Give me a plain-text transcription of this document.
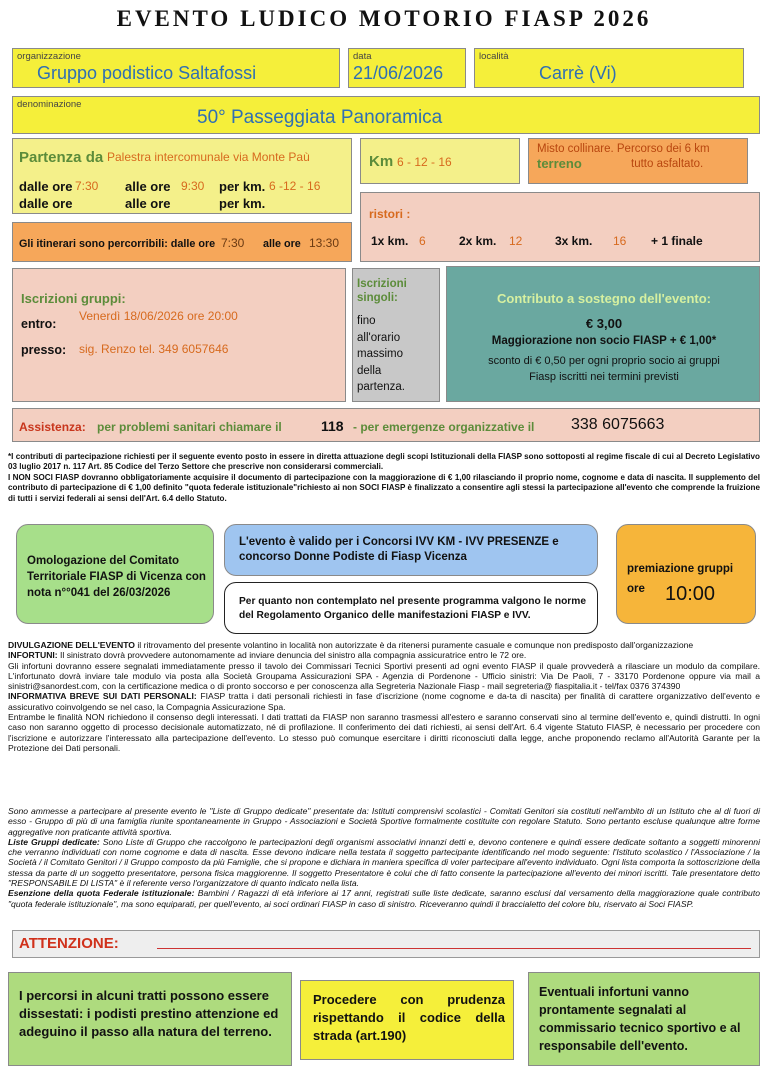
EVENTO LUDICO MOTORIO FIASP 2026
organizzazione
Gruppo podistico Saltafossi
data
21/06/2026
località
Carrè (Vi)
denominazione
50° Passeggiata Panoramica
Partenza da Palestra intercomunale via Monte Paù
dalle ore 7:30 alle ore 9:30 per km. 6 -12 - 16
dalle ore	alle ore	per km.
Km 6 - 12 - 16
Misto collinare. Percorso dei 6 km
terreno	tutto asfaltato.
Gli itinerari sono percorribili: dalle ore 7:30 alle ore 13:30
ristori :
1x km. 6	2x km. 12	3x km. 16 + 1 finale
Iscrizioni gruppi:
entro:
Venerdì 18/06/2026 ore 20:00
presso: sig. Renzo tel. 349 6057646
Iscrizioni singoli:
fino
all'orario
massimo
della
partenza.
Contributo a sostegno dell'evento:
€ 3,00
Maggiorazione non socio FIASP + € 1,00*
sconto di € 0,50 per ogni proprio socio ai gruppi
Fiasp iscritti nei termini previsti
Assistenza: per problemi sanitari chiamare il	118 - per emergenze organizzative il 338 6075663
*I contributi di partecipazione richiesti per il seguente evento posto in essere in diretta attuazione degli scopi Istituzionali della FIASP sono sottoposti al regime fiscale di cui al Decreto Legislativo 03 luglio 2017 n. 117 Art. 85 Codice del Terzo Settore che prescrive non considerarsi commerciali.
I NON SOCI FIASP dovranno obbligatoriamente acquisire il documento di partecipazione con la maggiorazione di € 1,00 rilasciando il proprio nome, cognome e data di nascita. Il supplemento del contributo di partecipazione di € 1,00 definito "quota federale istituzionale"richiesto ai non SOCI FIASP è finalizzato a consentire agli stessi la partecipazione all'evento che comprende la fruizione di tutti i servizi federali ai sensi dell'Art. 6.4 dello Statuto.
Omologazione del Comitato Territoriale FIASP di Vicenza con nota n°°041 del 26/03/2026
L'evento è valido per i Concorsi IVV KM - IVV PRESENZE e concorso Donne Podiste di Fiasp Vicenza
Per quanto non contemplato nel presente programma valgono le norme del Regolamento Organico delle manifestazioni FIASP e IVV.
premiazione gruppi
ore 10:00
DIVULGAZIONE DELL'EVENTO il ritrovamento del presente volantino in località non autorizzate è da ritenersi puramente casuale e comunque non predisposto dall'organizzazione
INFORTUNI: Il sinistrato dovrà provvedere autonomamente ad inviare denuncia del sinistro alla compagnia assicuratrice entro le 72 ore.
Gli infortuni dovranno essere segnalati immediatamente presso il tavolo dei Commissari Tecnici Sportivi presenti ad ogni evento FIASP il quale provvederà a rilasciare un modulo da compilare. L'infortunato dovrà inviare tale modulo via posta alla Società Groupama Assicurazioni SPA - Agenzia di Pordenone - Ufficio sinistri: Via De Paoli, 7 - 33170 Pordenone oppure via mail a sinistri@sanordest.com, con la certificazione medica o di pronto soccorso e per conoscenza alla Segreteria Nazionale Fiasp - mail segreteria@ fiaspitalia.it - tel/fax 0376 374390
INFORMATIVA BREVE SUI DATI PERSONALI: FIASP tratta i dati personali richiesti in fase d'iscrizione (nome cognome e da-ta di nascita) per finalità di carattere organizzativo dell'evento e assicurativo coinvolgendo se nel caso, la Compagnia Assicurazione Spa.
Entrambe le finalità NON richiedono il consenso degli interessati. I dati trattati da FIASP non saranno trasmessi all'estero e saranno conservati sino al termine dell'evento e, quindi distrutti. In ogni caso non saranno oggetto di processo decisionale automatizzato, né di profilazione. Il conferimento dei dati richiesti, ai sensi dell'Art. 6.4 vigente Statuto FIASP, è necessario per procedere con l'iscrizione e autorizzare l'interessato alla partecipazione dell'evento. Lo stesso può comunque esercitare i diritti riconosciuti dalla legge, anche proponendo reclamo all'Autorità Garante per la Protezione dei Dati personali.
Sono ammesse a partecipare al presente evento le "Liste di Gruppo dedicate" presentate da: Istituti comprensivi scolastici - Comitati Genitori sia costituti nell'ambito di un Istituto che al di fuori di esso - Gruppo di più di una famiglia riunite spontaneamente in Gruppo - Associazioni e Società Sportive formalmente costituite con regolare Statuto. Sono pertanto escluse qualunque altre forme aggregative non praticante attività sportiva.
Liste Gruppi dedicate: Sono Liste di Gruppo che raccolgono le partecipazioni degli organismi associativi innanzi detti e, devono contenere e quindi essere dedicate soltanto a soggetti minorenni che verranno individuati con nome cognome e data di nascita. Esse devono indicare nella testata il soggetto partecipante identificando nel modo seguente: l'Istituto scolastico / l'Associazione / la Società / il Comitato Genitori / il Gruppo composto da più Famiglie, che si propone e dichiara in maniera specifica di voler partecipare all'evento individuato. Ogni lista comporta la sottoscrizione della stessa da parte di un soggetto presentatore, persona fisica maggiorenne. Il soggetto Presentatore è colui che di fatto consente la partecipazione all'evento dei minori iscritti. Tale presentatore detto "RESPONSABILE DI LISTA" è il referente verso l'organizzatore di quanto indicato nella lista.
Esenzione della quota Federale istituzionale: Bambini / Ragazzi di età inferiore ai 17 anni, registrati sulle liste dedicate, saranno esclusi dal versamento della maggiorazione quale contributo "quota federale istituzionale", ma sono equiparati, per quell'evento, ai soci ordinari FIASP in caso di sinistro. Riceveranno quindi il braccialetto del colore blu, riservato ai Soci FIASP.
ATTENZIONE:
I percorsi in alcuni tratti possono essere dissestati: i podisti prestino attenzione ed adeguino il passo alla natura del terreno.
Procedere con prudenza rispettando il codice della strada (art.190)
Eventuali infortuni vanno prontamente segnalati al commissario tecnico sportivo e al responsabile dell'evento.
